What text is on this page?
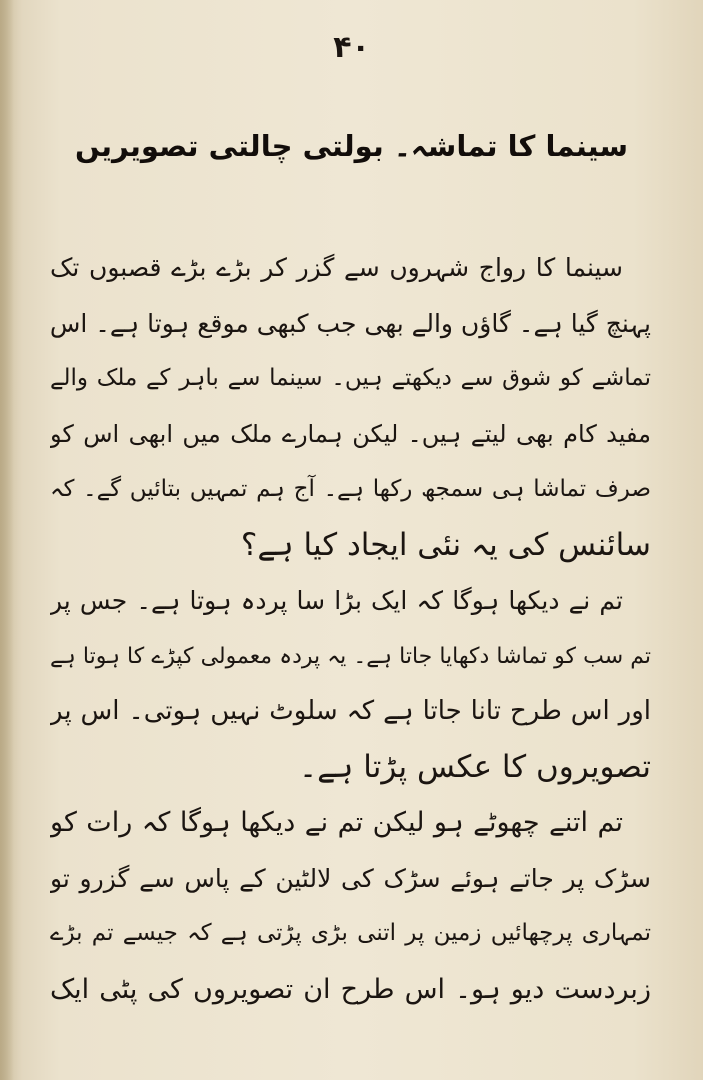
۴۰
سینما کا تماشہ۔ بولتی چالتی تصویریں
سینما کا رواج شہروں سے گزر کر بڑے بڑے قصبوں تک
پہنچ گیا ہے۔ گاؤں والے بھی جب کبھی موقع ہوتا ہے۔ اس
تماشے کو شوق سے دیکھتے ہیں۔ سینما سے باہر کے ملک والے
مفید کام بھی لیتے ہیں۔ لیکن ہمارے ملک میں ابھی اس کو
صرف تماشا ہی سمجھ رکھا ہے۔ آج ہم تمہیں بتائیں گے۔ کہ
سائنس کی یہ نئی ایجاد کیا ہے؟
تم نے دیکھا ہوگا کہ ایک بڑا سا پردہ ہوتا ہے۔ جس پر
تم سب کو تماشا دکھایا جاتا ہے۔ یہ پردہ معمولی کپڑے کا ہوتا ہے
اور اس طرح تانا جاتا ہے کہ سلوٹ نہیں ہوتی۔ اس پر
تصویروں کا عکس پڑتا ہے۔
تم اتنے چھوٹے ہو لیکن تم نے دیکھا ہوگا کہ رات کو
سڑک پر جاتے ہوئے سڑک کی لالٹین کے پاس سے گزرو تو
تمہاری پرچھائیں زمین پر اتنی بڑی پڑتی ہے کہ جیسے تم بڑے
زبردست دیو ہو۔ اس طرح ان تصویروں کی پٹی ایک
